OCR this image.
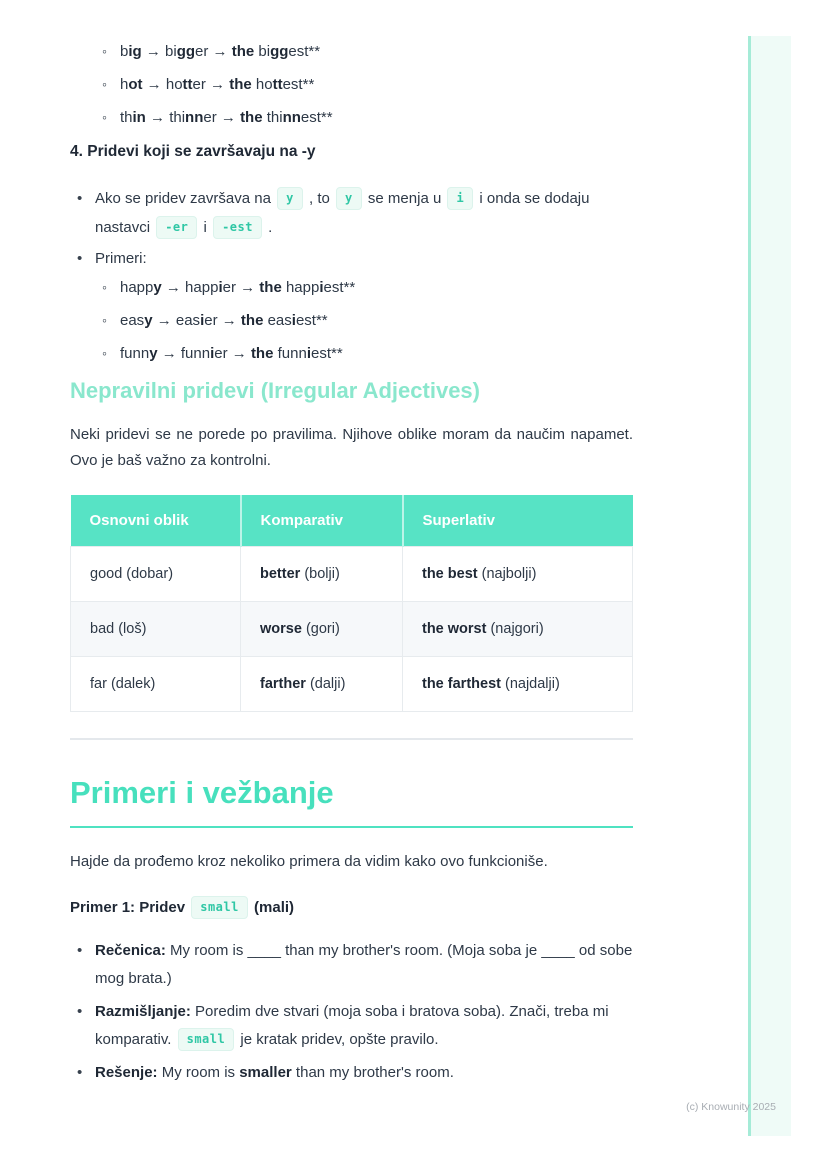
◦ big → bigger → the biggest**
◦ hot → hotter → the hottest**
◦ thin → thinner → the thinnest**
4. Pridevi koji se završavaju na -y
• Ako se pridev završava na y , to y se menja u i i onda se dodaju nastavci -er i -est .
• Primeri:
◦ happy → happier → the happiest**
◦ easy → easier → the easiest**
◦ funny → funnier → the funniest**
Nepravilni pridevi (Irregular Adjectives)

Neki pridevi se ne porede po pravilima. Njihove oblike moram da naučim napamet. Ovo je baš važno za kontrolni.

Osnovni oblik	Komparativ	Superlativ
good (dobar)	better (bolji)	the best (najbolji)
bad (loš)	worse (gori)	the worst (najgori)
far (dalek)	farther (dalji)	the farthest (najdalji)
Primeri i vežbanje

Hajde da prođemo kroz nekoliko primera da vidim kako ovo funkcioniše.

Primer 1: Pridev small (mali)

• Rečenica: My room is ____ than my brother's room. (Moja soba je ____ od sobe mog brata.)
• Razmišljanje: Poredim dve stvari (moja soba i bratova soba). Znači, treba mi komparativ. small je kratak pridev, opšte pravilo.
• Rešenje: My room is smaller than my brother's room.
(c) Knowunity 2025
